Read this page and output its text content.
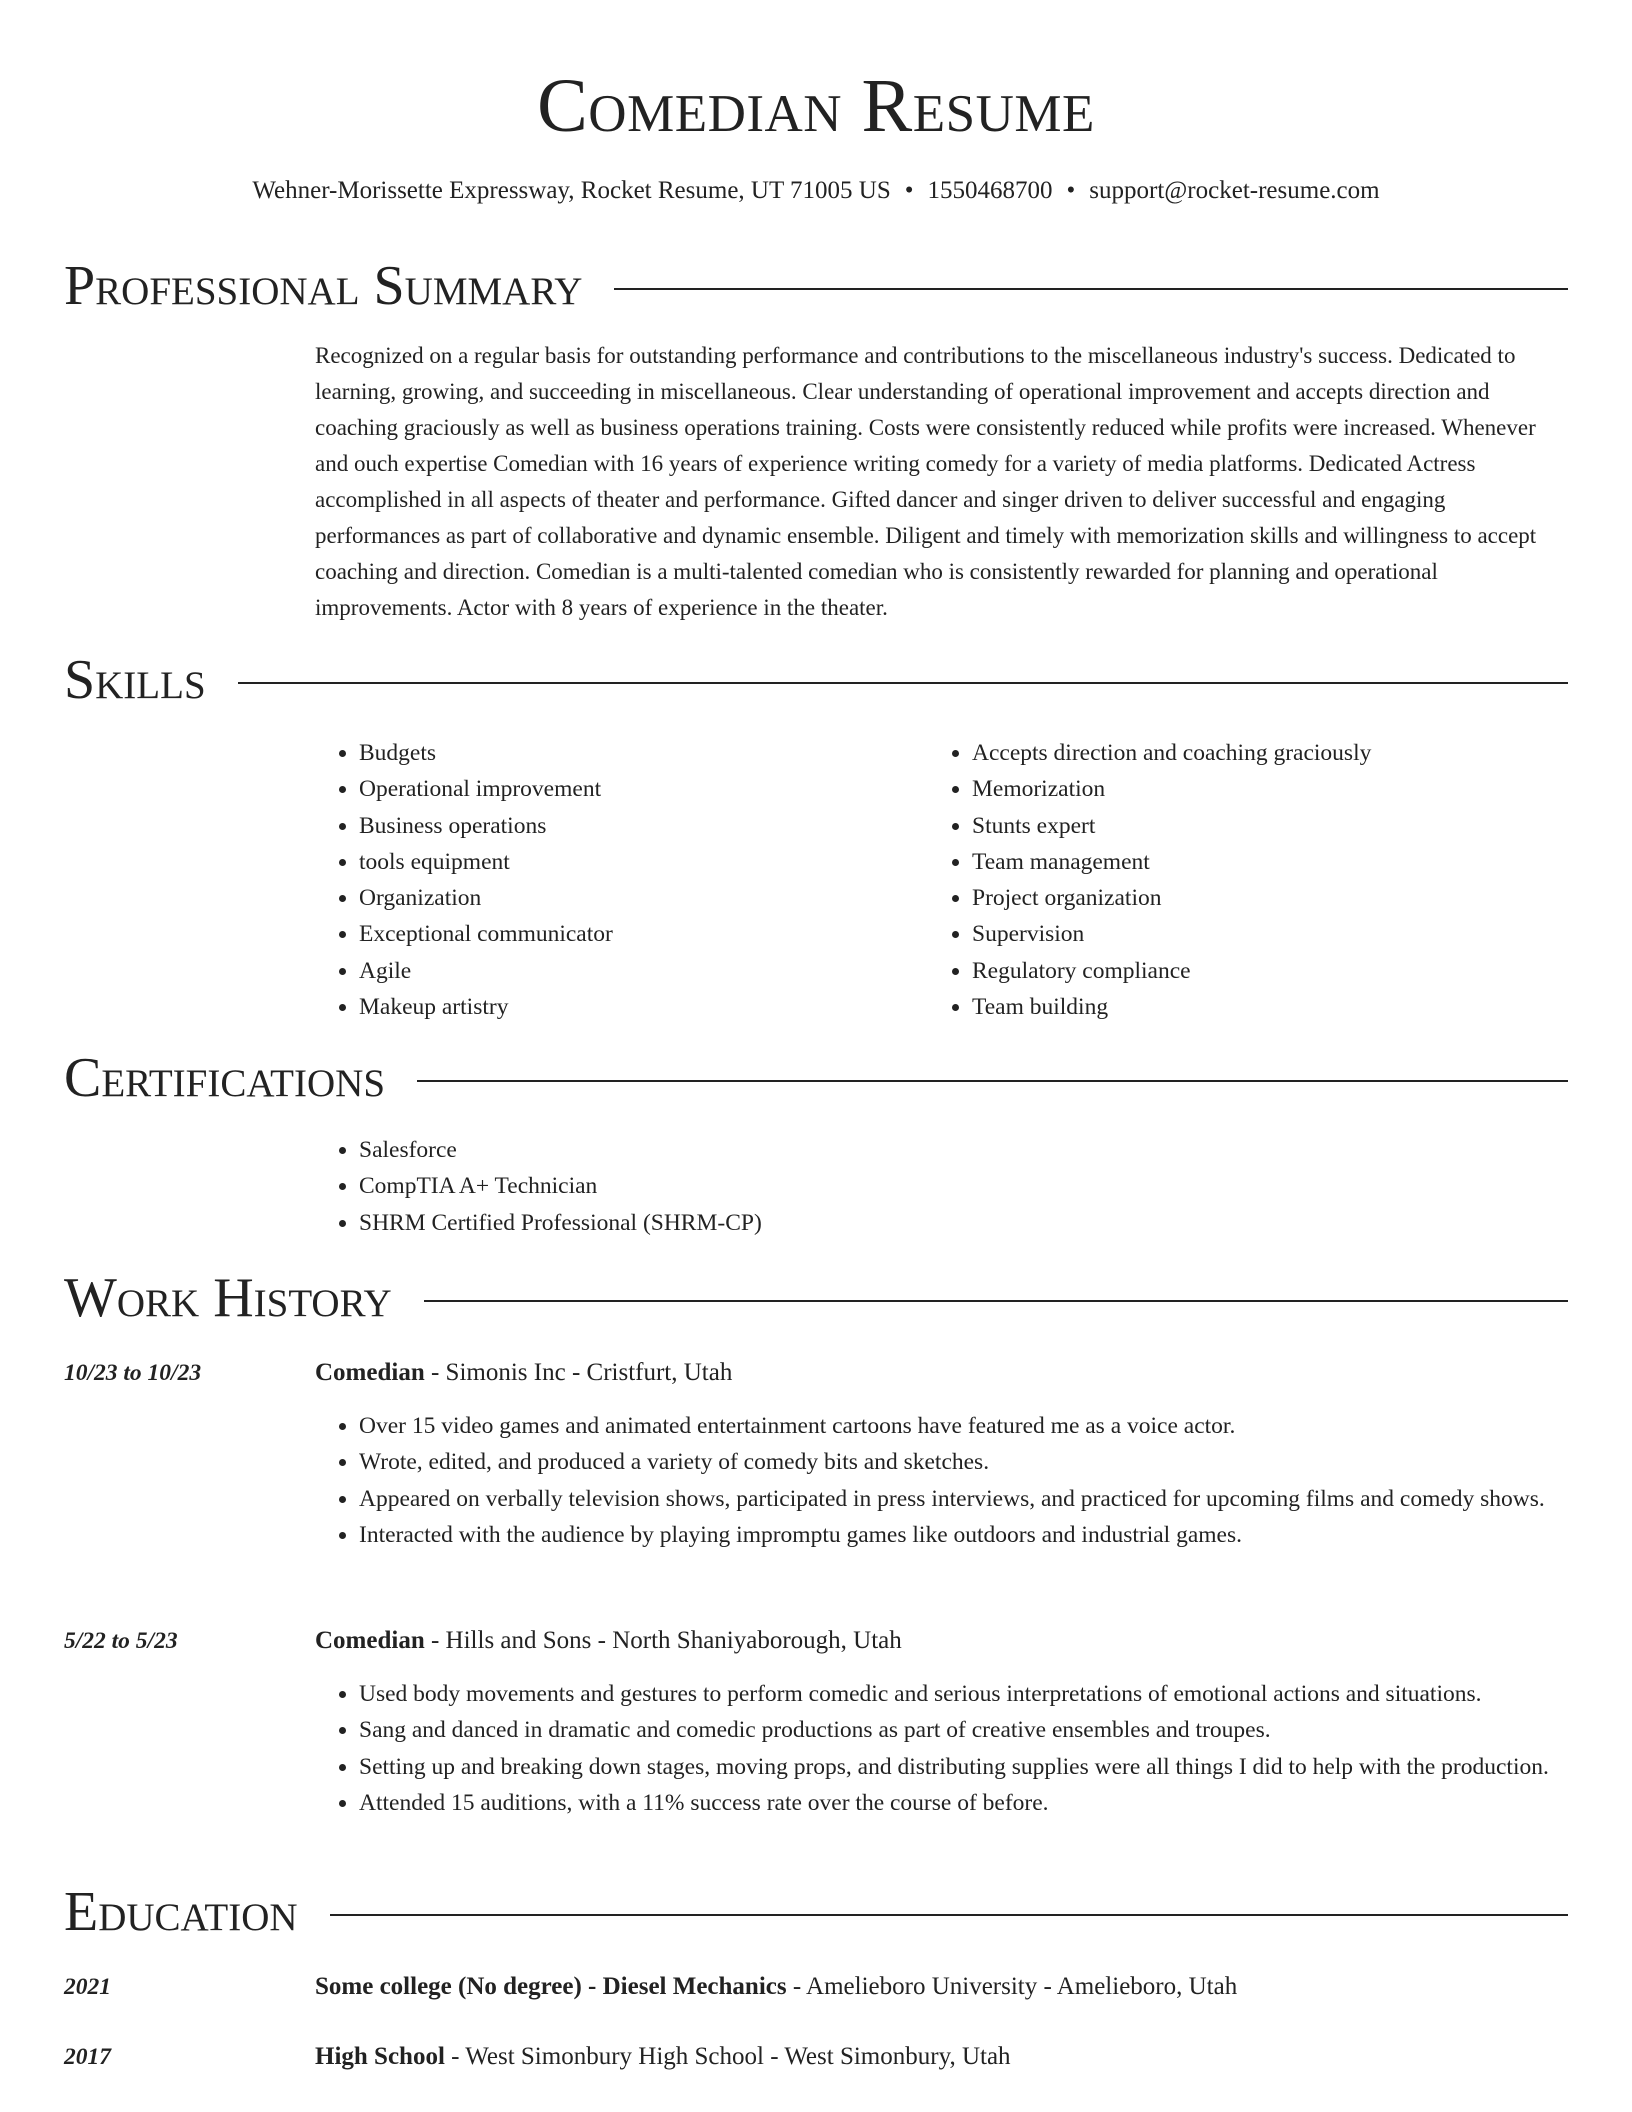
Comedian Resume
Wehner-Morissette Expressway, Rocket Resume, UT 71005 US • 1550468700 • support@rocket-resume.com
Professional Summary

Recognized on a regular basis for outstanding performance and contributions to the miscellaneous industry's success. Dedicated to learning, growing, and succeeding in miscellaneous. Clear understanding of operational improvement and accepts direction and coaching graciously as well as business operations training. Costs were consistently reduced while profits were increased. Whenever and ouch expertise Comedian with 16 years of experience writing comedy for a variety of media platforms. Dedicated Actress accomplished in all aspects of theater and performance. Gifted dancer and singer driven to deliver successful and engaging performances as part of collaborative and dynamic ensemble. Diligent and timely with memorization skills and willingness to accept coaching and direction. Comedian is a multi-talented comedian who is consistently rewarded for planning and operational improvements. Actor with 8 years of experience in the theater.

Skills
• Budgets
• Operational improvement
• Business operations
• tools equipment
• Organization
• Exceptional communicator
• Agile
• Makeup artistry
• Accepts direction and coaching graciously
• Memorization
• Stunts expert
• Team management
• Project organization
• Supervision
• Regulatory compliance
• Team building
Certifications
• Salesforce
• CompTIA A+ Technician
• SHRM Certified Professional (SHRM-CP)
Work History
10/23 to 10/23	Comedian - Simonis Inc - Cristfurt, Utah
• Over 15 video games and animated entertainment cartoons have featured me as a voice actor.
• Wrote, edited, and produced a variety of comedy bits and sketches.
• Appeared on verbally television shows, participated in press interviews, and practiced for upcoming films and comedy shows.
• Interacted with the audience by playing impromptu games like outdoors and industrial games.
5/22 to 5/23	Comedian - Hills and Sons - North Shaniyaborough, Utah
• Used body movements and gestures to perform comedic and serious interpretations of emotional actions and situations.
• Sang and danced in dramatic and comedic productions as part of creative ensembles and troupes.
• Setting up and breaking down stages, moving props, and distributing supplies were all things I did to help with the production.
• Attended 15 auditions, with a 11% success rate over the course of before.
Education
2021	Some college (No degree) - Diesel Mechanics - Amelieboro University - Amelieboro, Utah
2017	High School - West Simonbury High School - West Simonbury, Utah
